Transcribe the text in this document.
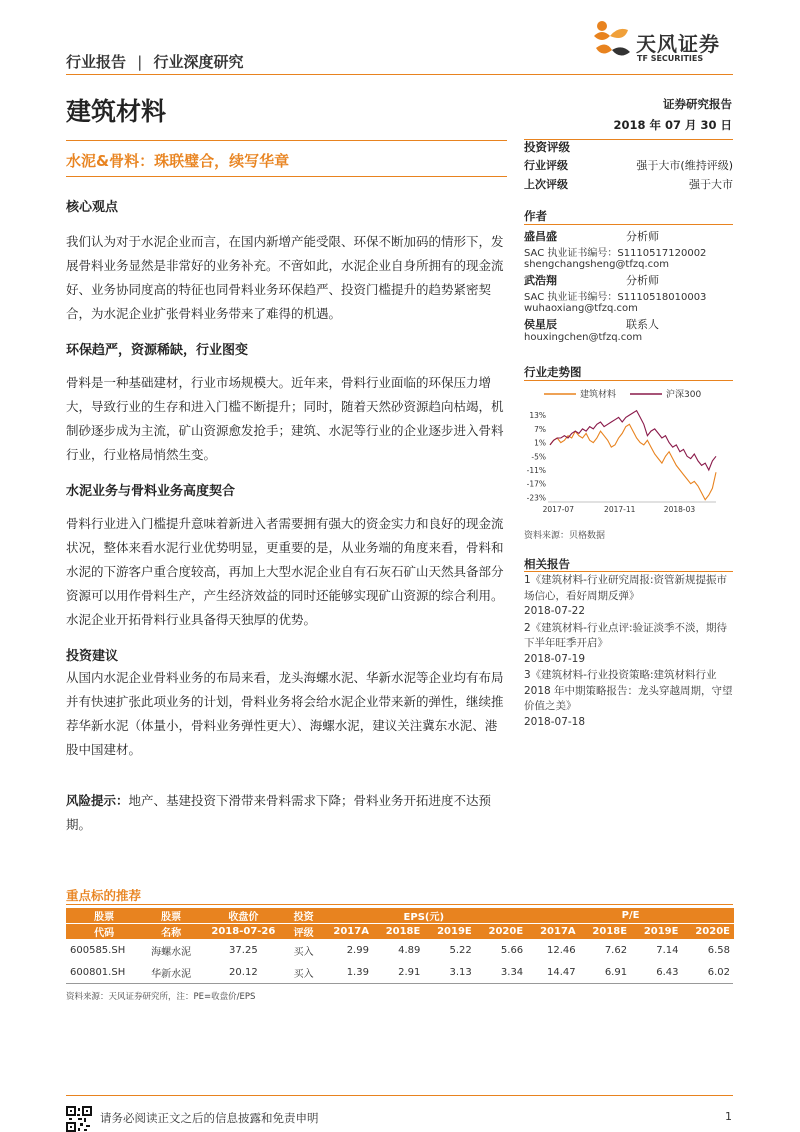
行业报告 | 行业深度研究
天风证券
TF SECURITIES
建筑材料	证券研究报告
2018 年 07 月 30 日
水泥&骨料：珠联璧合，续写华章
投资评级
行业评级	强于大市(维持评级)
上次评级	强于大市
作者
盛昌盛	分析师
SAC 执业证书编号：S1110517120002
shengchangsheng@tfzq.com
武浩翔	分析师
SAC 执业证书编号：S1110518010003
wuhaoxiang@tfzq.com
侯星辰	联系人
houxingchen@tfzq.com
行业走势图
建筑材料	沪深300
13%
7%
1%
-5%
-11%
-17%
-23%
2017-07	2017-11	2018-03
资料来源：贝格数据
相关报告
1《建筑材料-行业研究周报:资管新规提振市场信心，看好周期反弹》
2018-07-22
2《建筑材料-行业点评:验证淡季不淡，期待下半年旺季开启》
2018-07-19
3《建筑材料-行业投资策略:建筑材料行业 2018 年中期策略报告：龙头穿越周期，守望价值之美》
2018-07-18
核心观点
我们认为对于水泥企业而言，在国内新增产能受限、环保不断加码的情形下，发展骨料业务显然是非常好的业务补充。不啻如此，水泥企业自身所拥有的现金流好、业务协同度高的特征也同骨料业务环保趋严、投资门槛提升的趋势紧密契合，为水泥企业扩张骨料业务带来了难得的机遇。
环保趋严，资源稀缺，行业图变
骨料是一种基础建材，行业市场规模大。近年来，骨料行业面临的环保压力增大，导致行业的生存和进入门槛不断提升；同时，随着天然砂资源趋向枯竭，机制砂逐步成为主流，矿山资源愈发抢手；建筑、水泥等行业的企业逐步进入骨料行业，行业格局悄然生变。
水泥业务与骨料业务高度契合
骨料行业进入门槛提升意味着新进入者需要拥有强大的资金实力和良好的现金流状况，整体来看水泥行业优势明显，更重要的是，从业务端的角度来看，骨料和水泥的下游客户重合度较高，再加上大型水泥企业自有石灰石矿山天然具备部分资源可以用作骨料生产，产生经济效益的同时还能够实现矿山资源的综合利用。水泥企业开拓骨料行业具备得天独厚的优势。
投资建议
从国内水泥企业骨料业务的布局来看，龙头海螺水泥、华新水泥等企业均有布局并有快速扩张此项业务的计划，骨料业务将会给水泥企业带来新的弹性，继续推荐华新水泥（体量小，骨料业务弹性更大）、海螺水泥，建议关注冀东水泥、港股中国建材。
风险提示：地产、基建投资下滑带来骨料需求下降；骨料业务开拓进度不达预期。
重点标的推荐
股票	股票	收盘价	投资	EPS(元)				P/E			
代码	名称	2018-07-26	评级	2017A	2018E	2019E	2020E	2017A	2018E	2019E	2020E
600585.SH	海螺水泥	37.25	买入	2.99	4.89	5.22	5.66	12.46	7.62	7.14	6.58
600801.SH	华新水泥	20.12	买入	1.39	2.91	3.13	3.34	14.47	6.91	6.43	6.02
资料来源：天风证券研究所，注：PE=收盘价/EPS
请务必阅读正文之后的信息披露和免责申明	1
